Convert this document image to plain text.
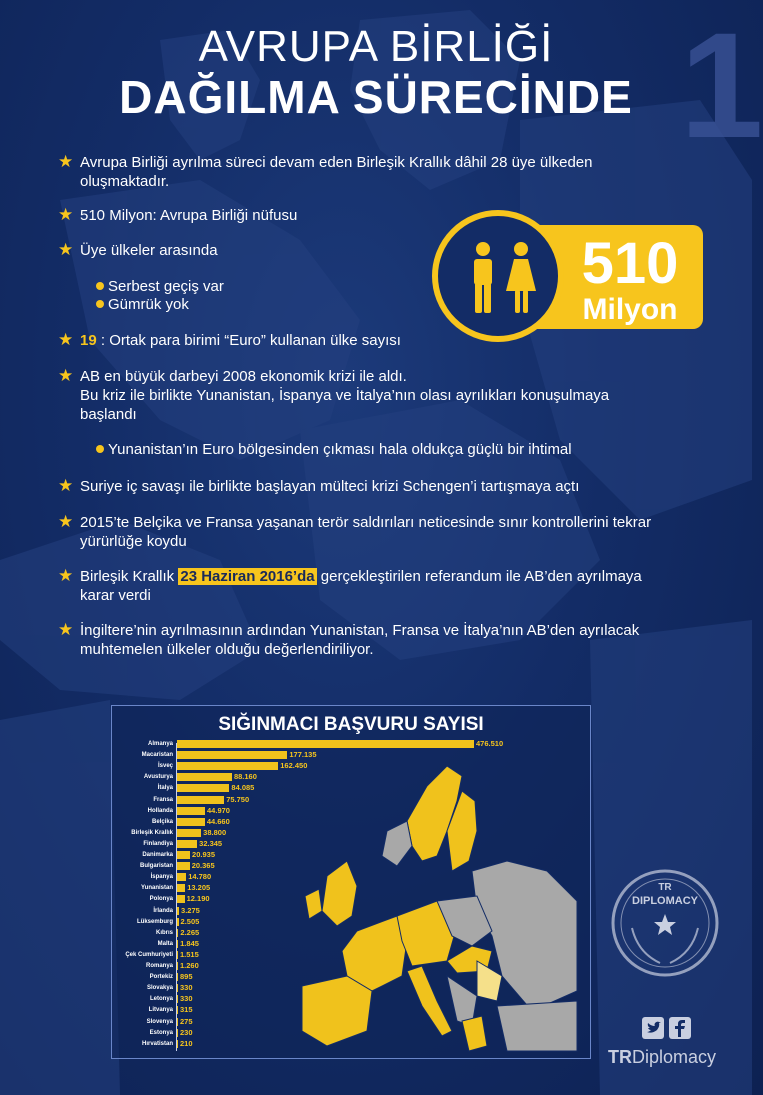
AVRUPA BİRLİĞİ
DAĞILMA SÜRECİNDE 1
★ Avrupa Birliği ayrılma süreci devam eden Birleşik Krallık dâhil 28 üye ülkeden
oluşmaktadır.
★ 510 Milyon: Avrupa Birliği nüfusu
★ Üye ülkeler arasında
Serbest geçiş var
Gümrük yok
★ 19 : Ortak para birimi “Euro” kullanan ülke sayısı
★ AB en büyük darbeyi 2008 ekonomik krizi ile aldı.
Bu kriz ile birlikte Yunanistan, İspanya ve İtalya’nın olası ayrılıkları konuşulmaya
başlandı
Yunanistan’ın Euro bölgesinden çıkması hala oldukça güçlü bir ihtimal
★ Suriye iç savaşı ile birlikte başlayan mülteci krizi Schengen’i tartışmaya açtı
★ 2015’te Belçika ve Fransa yaşanan terör saldırıları neticesinde sınır kontrollerini tekrar
yürürlüğe koydu
★ Birleşik Krallık 23 Haziran 2016’da gerçekleştirilen referandum ile AB’den ayrılmaya
karar verdi
★ İngiltere’nin ayrılmasının ardından Yunanistan, Fransa ve İtalya’nın AB’den ayrılacak
muhtemelen ülkeler olduğu değerlendiriliyor.
510
Milyon
SIĞINMACI BAŞVURU SAYISI
Almanya	476.510
Macaristan	177.135
İsveç	162.450
Avusturya	88.160
İtalya	84.085
Fransa	75.750
Hollanda	44.970
Belçika	44.660
Birleşik Krallık	38.800
Finlandiya	32.345
Danimarka	20.935
Bulgaristan 20.365
İspanya 14.780
Yunanistan 13.205
Polonya 12.190
İrlanda 3.275
Lüksemburg 2.505
Kıbrıs 2.265
Malta 1.845
Çek Cumhuriyeti 1.515
Romanya 1.260
Portekiz 895
Slovakya 330
Letonya 330
Litvanya 315
Slovenya 275
Estonya 230
Hırvatistan 210
TR
DIPLOMACY
TRDiplomacy
